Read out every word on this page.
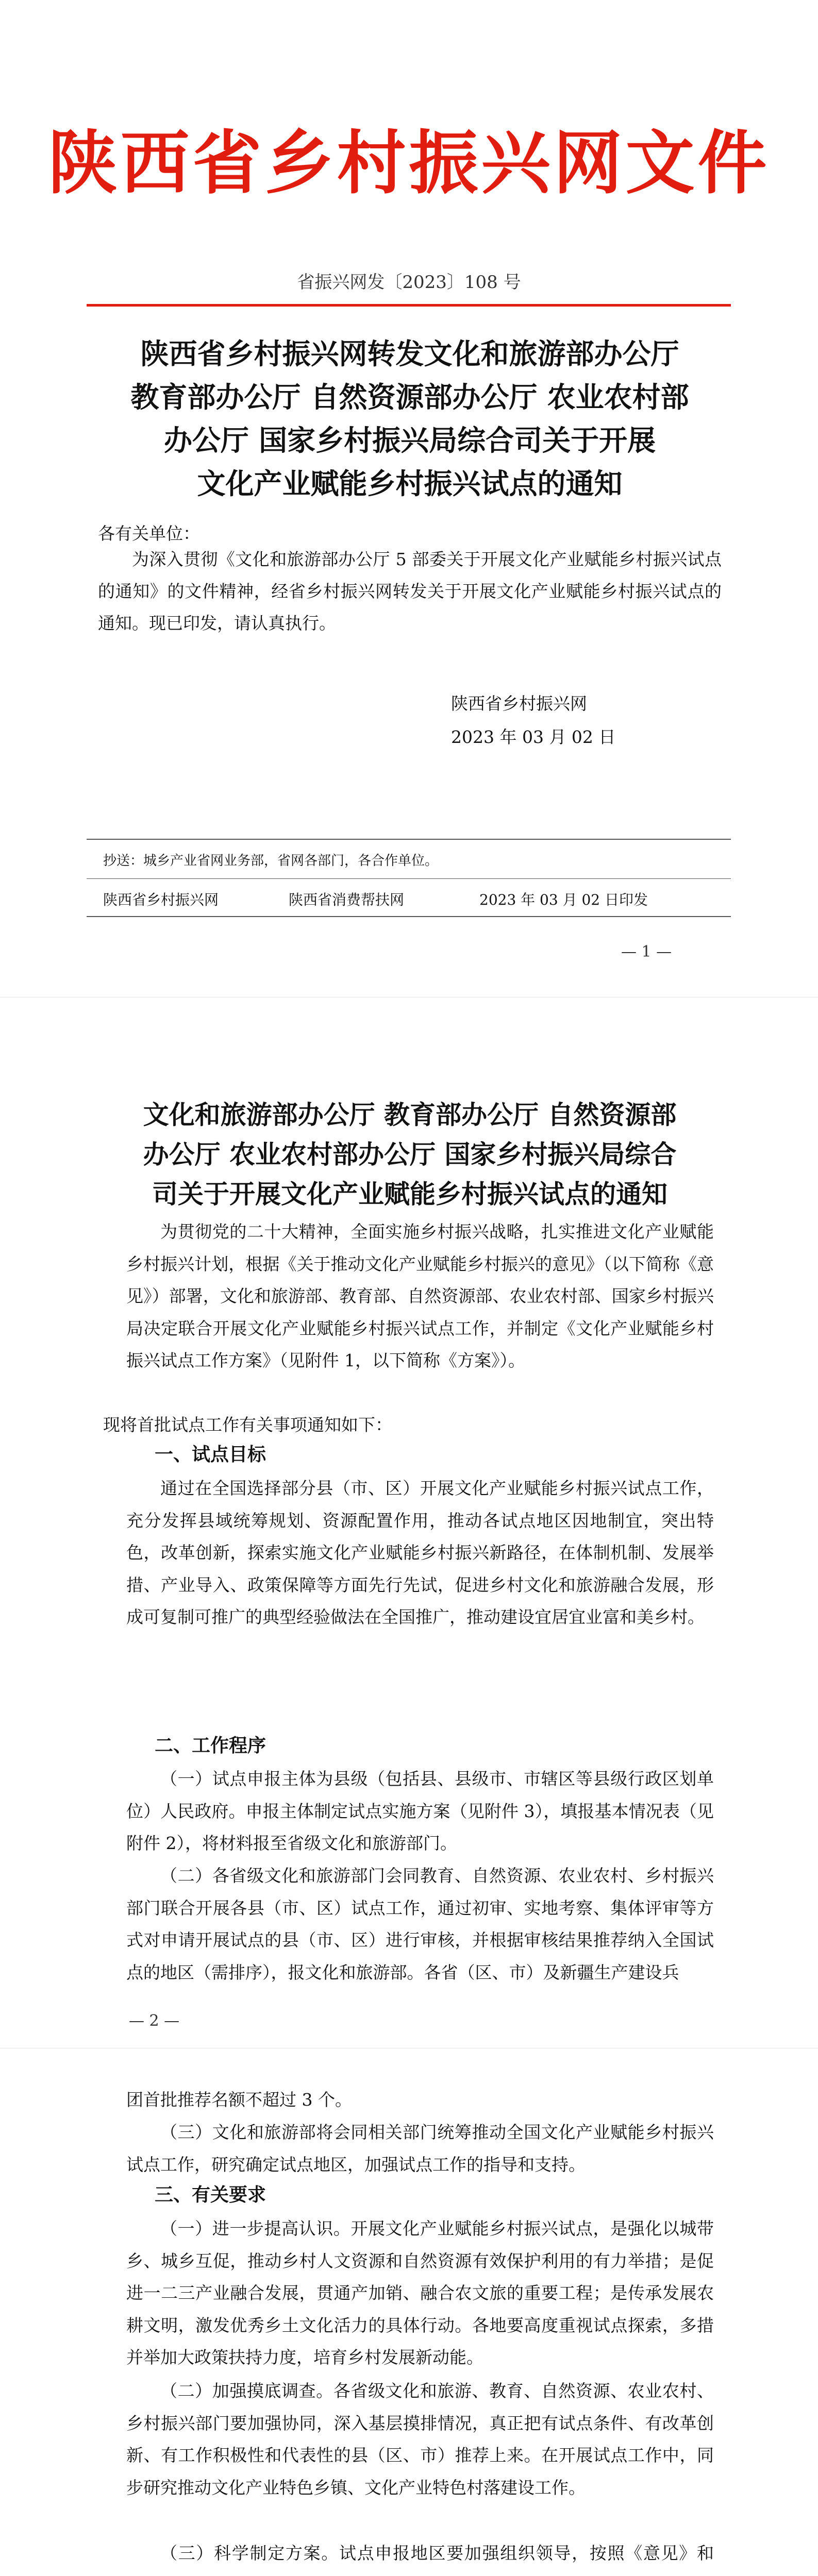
陕西省乡村振兴网文件
省振兴网发〔2023〕108 号
陕西省乡村振兴网转发文化和旅游部办公厅
教育部办公厅 自然资源部办公厅 农业农村部
办公厅 国家乡村振兴局综合司关于开展
文化产业赋能乡村振兴试点的通知
各有关单位：
为深入贯彻《文化和旅游部办公厅 5 部委关于开展文化产业赋能乡村振兴试点的通知》的文件精神，经省乡村振兴网转发关于开展文化产业赋能乡村振兴试点的通知。现已印发，请认真执行。
陕西省乡村振兴网
2023 年 03 月 02 日
抄送：城乡产业省网业务部，省网各部门，各合作单位。
陕西省乡村振兴网	陕西省消费帮扶网	2023 年 03 月 02 日印发
— 1 —
文化和旅游部办公厅 教育部办公厅 自然资源部
办公厅 农业农村部办公厅 国家乡村振兴局综合
司关于开展文化产业赋能乡村振兴试点的通知
为贯彻党的二十大精神，全面实施乡村振兴战略，扎实推进文化产业赋能乡村振兴计划，根据《关于推动文化产业赋能乡村振兴的意见》（以下简称《意见》）部署，文化和旅游部、教育部、自然资源部、农业农村部、国家乡村振兴局决定联合开展文化产业赋能乡村振兴试点工作，并制定《文化产业赋能乡村振兴试点工作方案》（见附件 1，以下简称《方案》）。
现将首批试点工作有关事项通知如下：
一、试点目标
通过在全国选择部分县（市、区）开展文化产业赋能乡村振兴试点工作，充分发挥县域统筹规划、资源配置作用，推动各试点地区因地制宜，突出特色，改革创新，探索实施文化产业赋能乡村振兴新路径，在体制机制、发展举措、产业导入、政策保障等方面先行先试，促进乡村文化和旅游融合发展，形成可复制可推广的典型经验做法在全国推广，推动建设宜居宜业富和美乡村。
二、工作程序
（一）试点申报主体为县级（包括县、县级市、市辖区等县级行政区划单位）人民政府。申报主体制定试点实施方案（见附件 3），填报基本情况表（见附件 2），将材料报至省级文化和旅游部门。
（二）各省级文化和旅游部门会同教育、自然资源、农业农村、乡村振兴部门联合开展各县（市、区）试点工作，通过初审、实地考察、集体评审等方式对申请开展试点的县（市、区）进行审核，并根据审核结果推荐纳入全国试点的地区（需排序），报文化和旅游部。各省（区、市）及新疆生产建设兵
— 2 —
团首批推荐名额不超过 3 个。
（三）文化和旅游部将会同相关部门统筹推动全国文化产业赋能乡村振兴试点工作，研究确定试点地区，加强试点工作的指导和支持。
三、有关要求
（一）进一步提高认识。开展文化产业赋能乡村振兴试点，是强化以城带乡、城乡互促，推动乡村人文资源和自然资源有效保护利用的有力举措；是促进一二三产业融合发展，贯通产加销、融合农文旅的重要工程；是传承发展农耕文明，激发优秀乡土文化活力的具体行动。各地要高度重视试点探索，多措并举加大政策扶持力度，培育乡村发展新动能。
（二）加强摸底调查。各省级文化和旅游、教育、自然资源、农业农村、乡村振兴部门要加强协同，深入基层摸排情况，真正把有试点条件、有改革创新、有工作积极性和代表性的县（区、市）推荐上来。在开展试点工作中，同步研究推动文化产业特色乡镇、文化产业特色村落建设工作。
（三）科学制定方案。试点申报地区要加强组织领导，按照《意见》和
